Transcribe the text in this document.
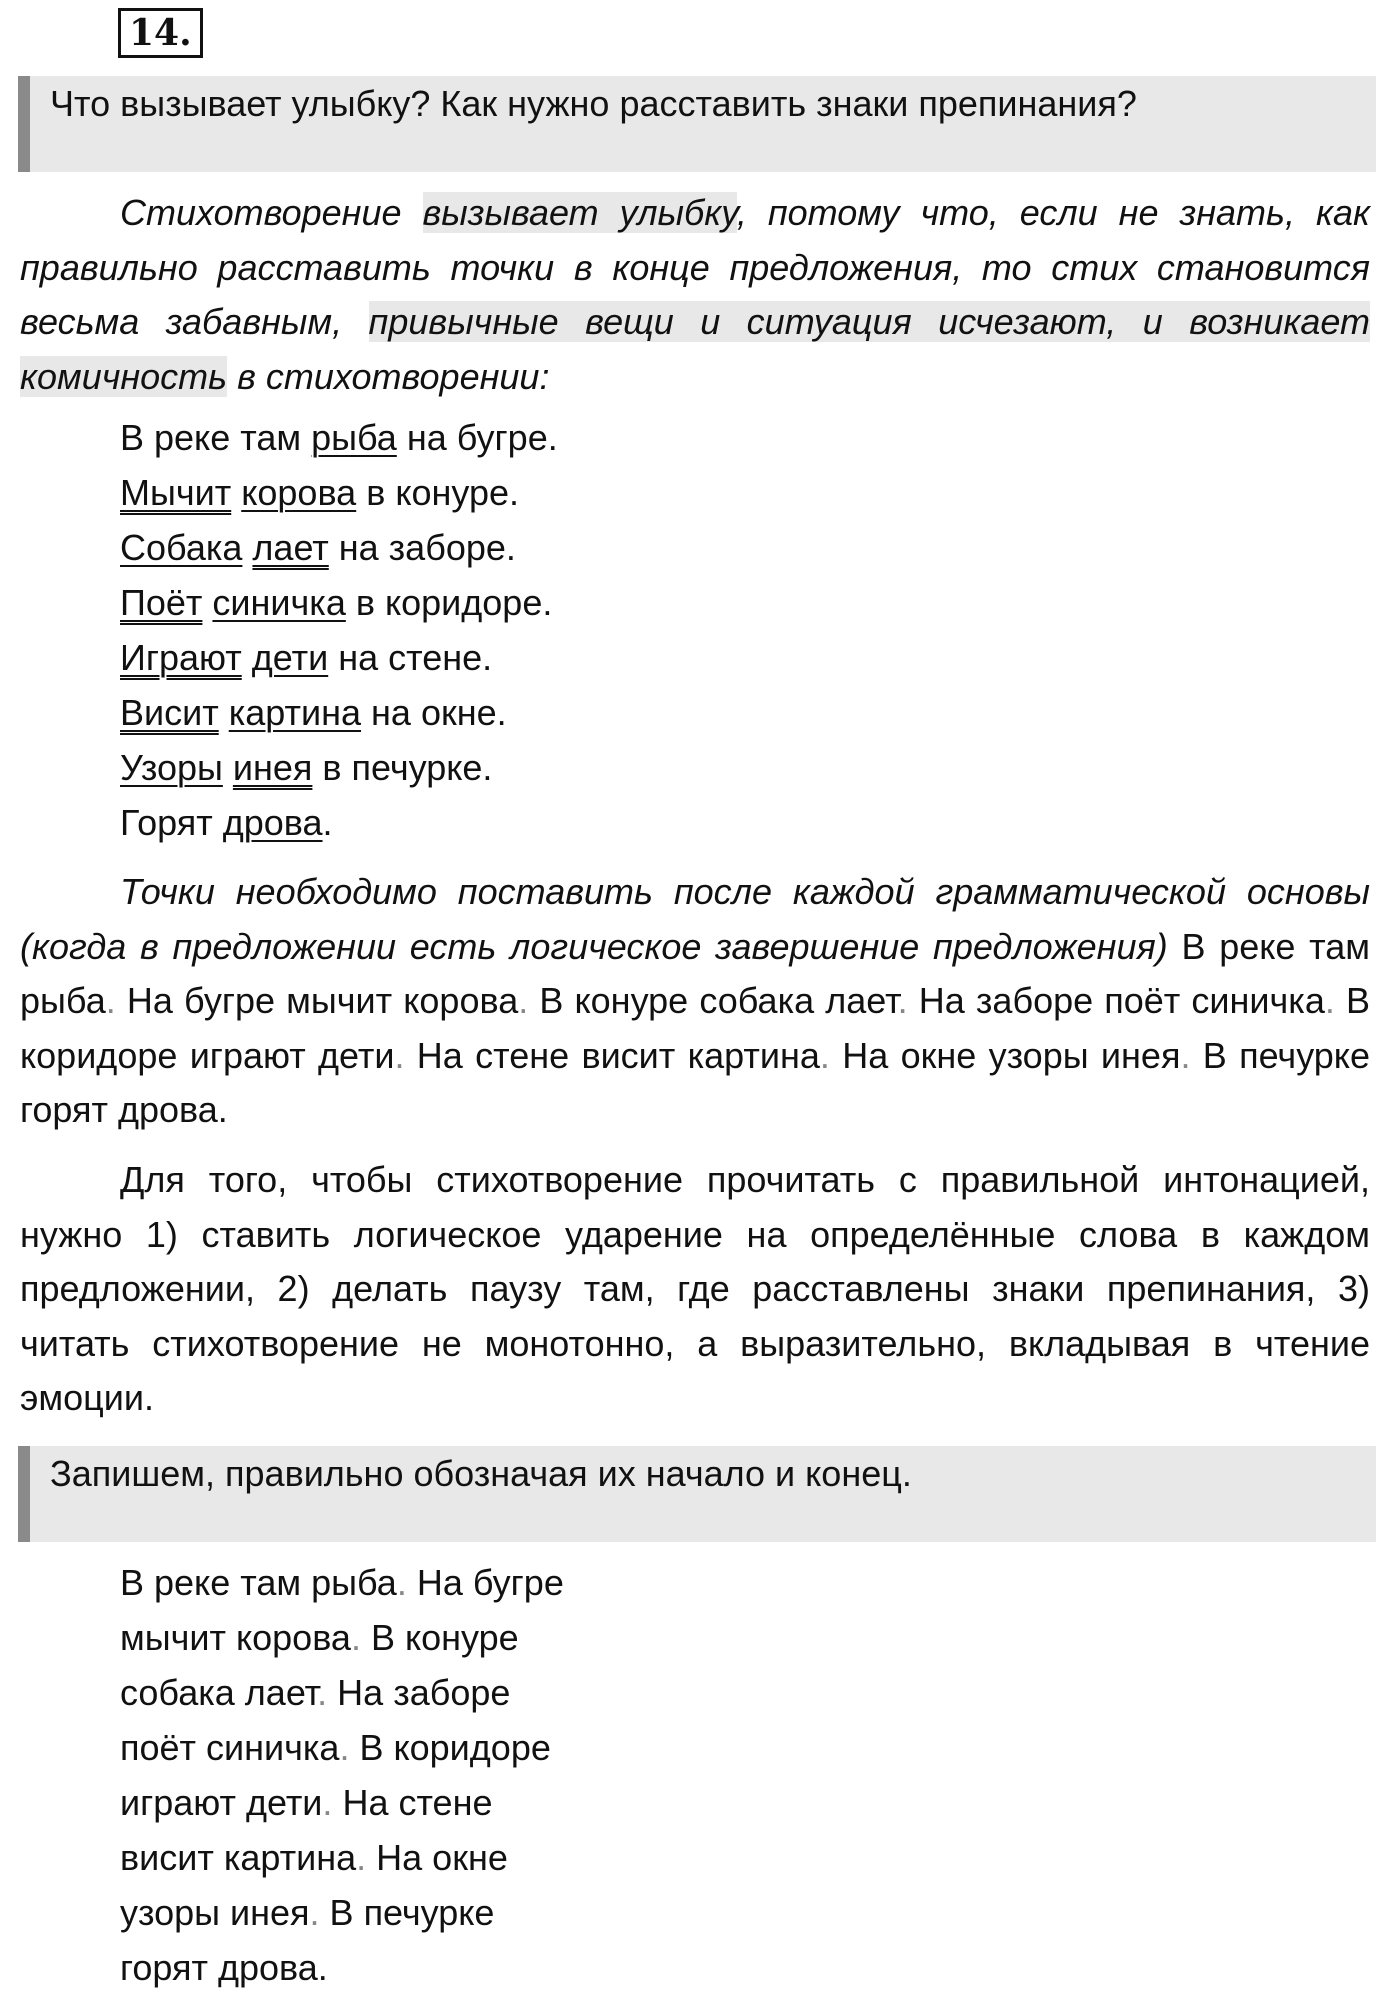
14.
Что вызывает улыбку? Как нужно расставить знаки препинания?
Стихотворение вызывает улыбку, потому что, если не знать, как правильно расставить точки в конце предложения, то стих становится весьма забавным, привычные вещи и ситуация исчезают, и возникает комичность в стихотворении:
В реке там рыба на бугре.
Мычит корова в конуре.
Собака лает на заборе.
Поёт синичка в коридоре.
Играют дети на стене.
Висит картина на окне.
Узоры инея в печурке.
Горят дрова.
Точки необходимо поставить после каждой грамматической основы (когда в предложении есть логическое завершение предложения) В реке там рыба. На бугре мычит корова. В конуре собака лает. На заборе поёт синичка. В коридоре играют дети. На стене висит картина. На окне узоры инея. В печурке горят дрова.
Для того, чтобы стихотворение прочитать с правильной интонацией, нужно 1) ставить логическое ударение на определённые слова в каждом предложении, 2) делать паузу там, где расставлены знаки препинания, 3) читать стихотворение не монотонно, а выразительно, вкладывая в чтение эмоции.
Запишем, правильно обозначая их начало и конец.
В реке там рыба. На бугре
мычит корова. В конуре
собака лает. На заборе
поёт синичка. В коридоре
играют дети. На стене
висит картина. На окне
узоры инея. В печурке
горят дрова.
